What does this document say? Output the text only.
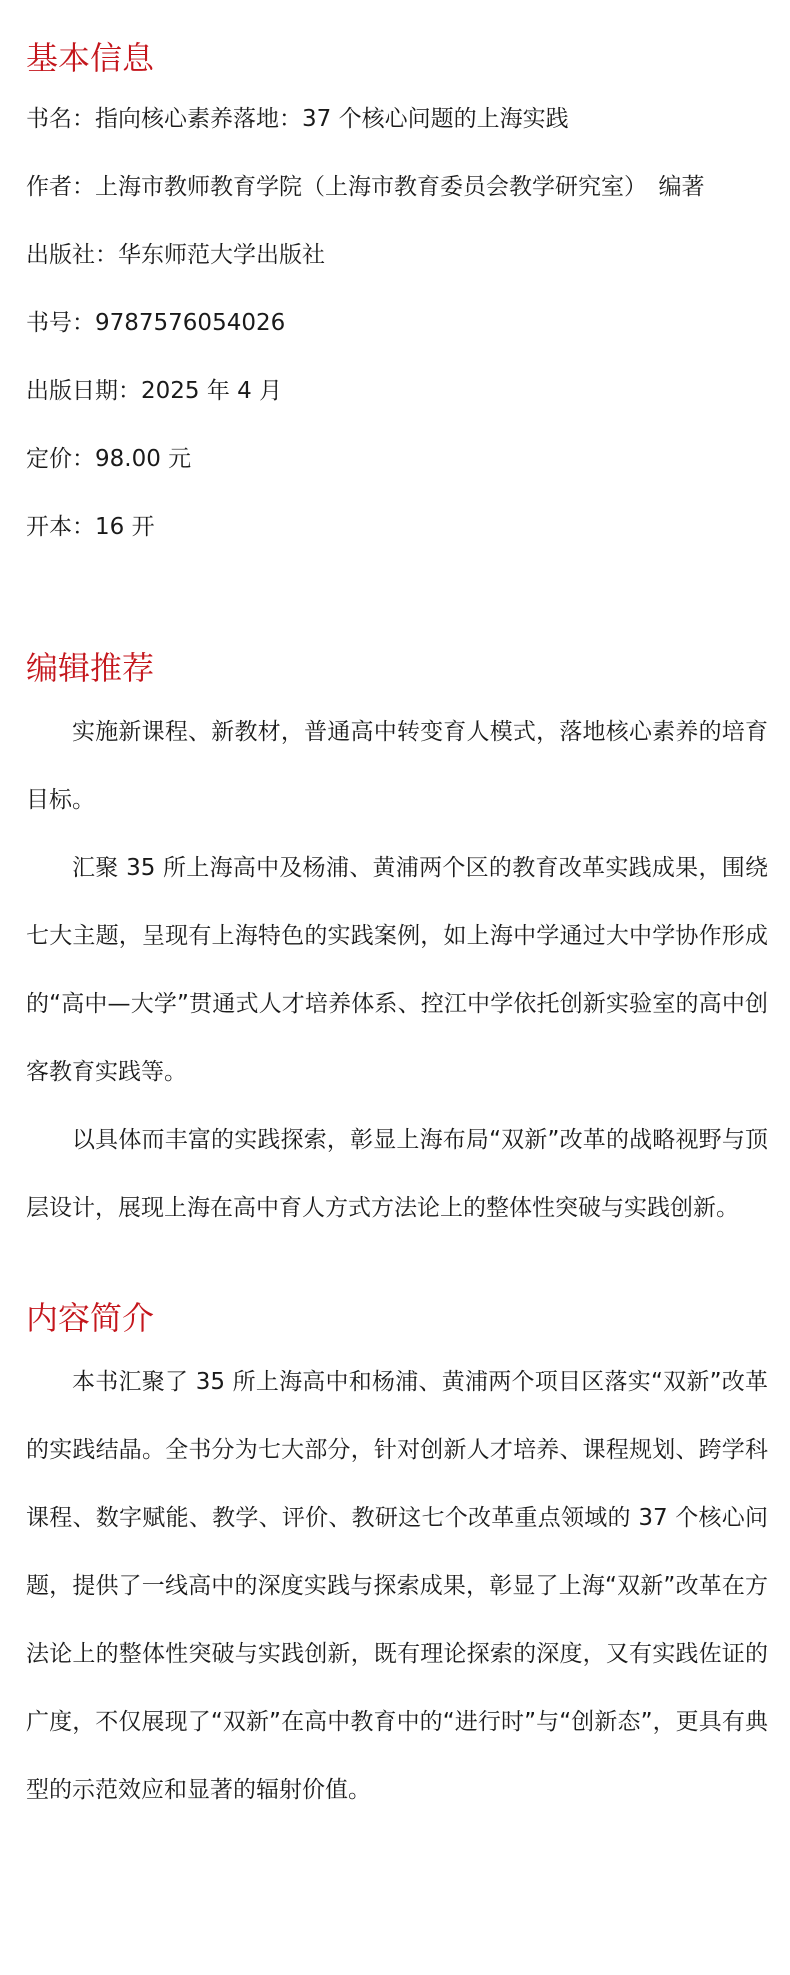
基本信息

书名：指向核心素养落地：37 个核心问题的上海实践

作者：上海市教师教育学院（上海市教育委员会教学研究室）　编著

出版社：华东师范大学出版社

书号：9787576054026

出版日期：2025 年 4 月

定价：98.00 元

开本：16 开

编辑推荐

实施新课程、新教材，普通高中转变育人模式，落地核心素养的培育目标。

汇聚 35 所上海高中及杨浦、黄浦两个区的教育改革实践成果，围绕七大主题，呈现有上海特色的实践案例，如上海中学通过大中学协作形成的“高中—大学”贯通式人才培养体系、控江中学依托创新实验室的高中创客教育实践等。

以具体而丰富的实践探索，彰显上海布局“双新”改革的战略视野与顶层设计，展现上海在高中育人方式方法论上的整体性突破与实践创新。

内容简介

本书汇聚了 35 所上海高中和杨浦、黄浦两个项目区落实“双新”改革的实践结晶。全书分为七大部分，针对创新人才培养、课程规划、跨学科课程、数字赋能、教学、评价、教研这七个改革重点领域的 37 个核心问题，提供了一线高中的深度实践与探索成果，彰显了上海“双新”改革在方法论上的整体性突破与实践创新，既有理论探索的深度，又有实践佐证的广度，不仅展现了“双新”在高中教育中的“进行时”与“创新态”，更具有典型的示范效应和显著的辐射价值。
